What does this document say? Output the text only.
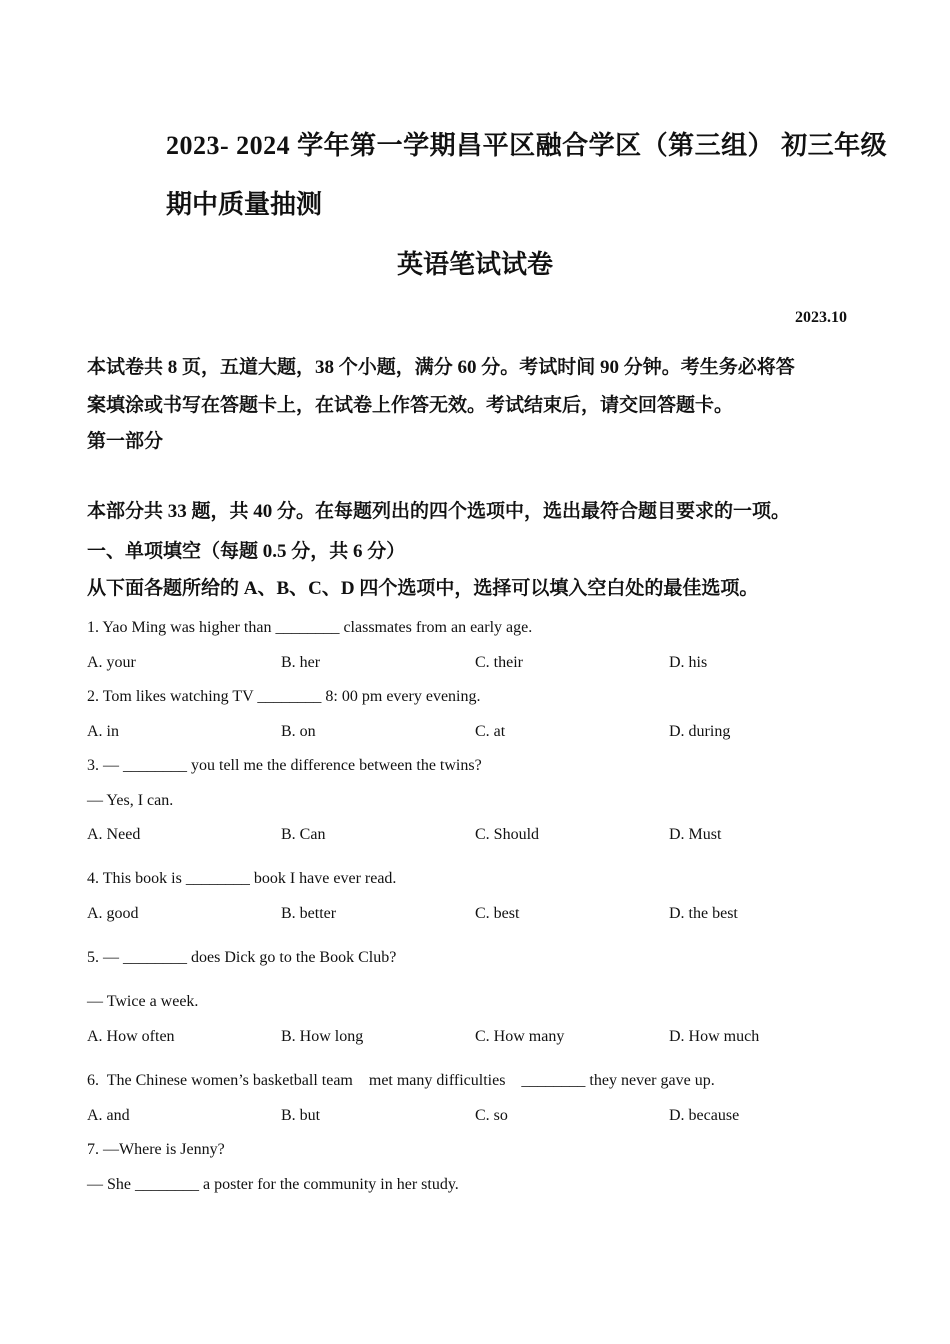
2023- 2024 学年第一学期昌平区融合学区（第三组） 初三年级
期中质量抽测
英语笔试试卷
2023.10
本试卷共 8 页，五道大题，38 个小题，满分 60 分。考试时间 90 分钟。考生务必将答
案填涂或书写在答题卡上，在试卷上作答无效。考试结束后，请交回答题卡。
第一部分
本部分共 33 题，共 40 分。在每题列出的四个选项中，选出最符合题目要求的一项。
一、单项填空（每题 0.5 分，共 6 分）
从下面各题所给的 A、B、C、D 四个选项中，选择可以填入空白处的最佳选项。
1. Yao Ming was higher than ________ classmates from an early age.
A. your	B. her	C. their	D. his
2. Tom likes watching TV ________ 8: 00 pm every evening.
A. in	B. on	C. at	D. during
3. — ________ you tell me the difference between the twins?
— Yes, I can.
A. Need	B. Can	C. Should	D. Must
4. This book is ________ book I have ever read.
A. good	B. better	C. best	D. the best
5. — ________ does Dick go to the Book Club?
— Twice a week.
A. How often	B. How long	C. How many	D. How much
6.  The Chinese women’s basketball team    met many difficulties    ________ they never gave up.
A. and	B. but	C. so	D. because
7. —Where is Jenny?
— She ________ a poster for the community in her study.
